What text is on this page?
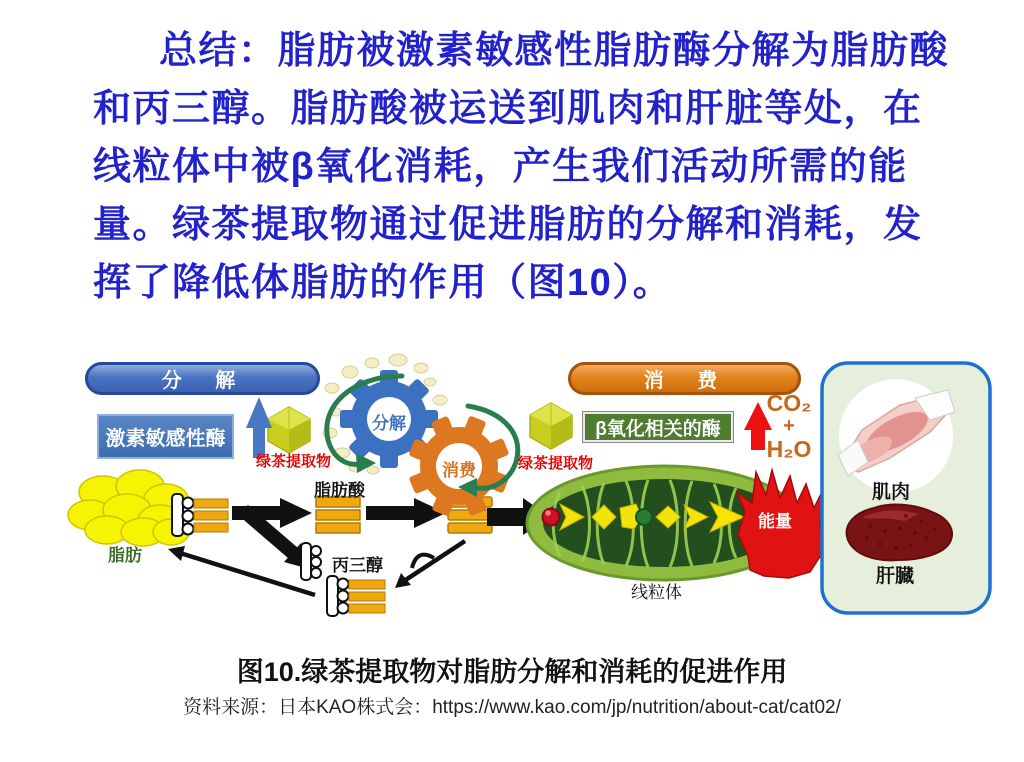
总结：脂肪被激素敏感性脂肪酶分解为脂肪酸
和丙三醇。脂肪酸被运送到肌肉和肝脏等处，在
线粒体中被β氧化消耗，产生我们活动所需的能
量。绿茶提取物通过促进脂肪的分解和消耗，发
挥了降低体脂肪的作用（图10）。
分 解	消 费
激素敏感性酶	β氧化相关的酶
绿茶提取物	绿茶提取物
分解
消费
脂肪
脂肪酸
丙三醇
线粒体
能量
CO₂
+
H₂O
肌肉
肝臓
图10.绿茶提取物对脂肪分解和消耗的促进作用
资料来源：日本KAO株式会：https://www.kao.com/jp/nutrition/about-cat/cat02/
